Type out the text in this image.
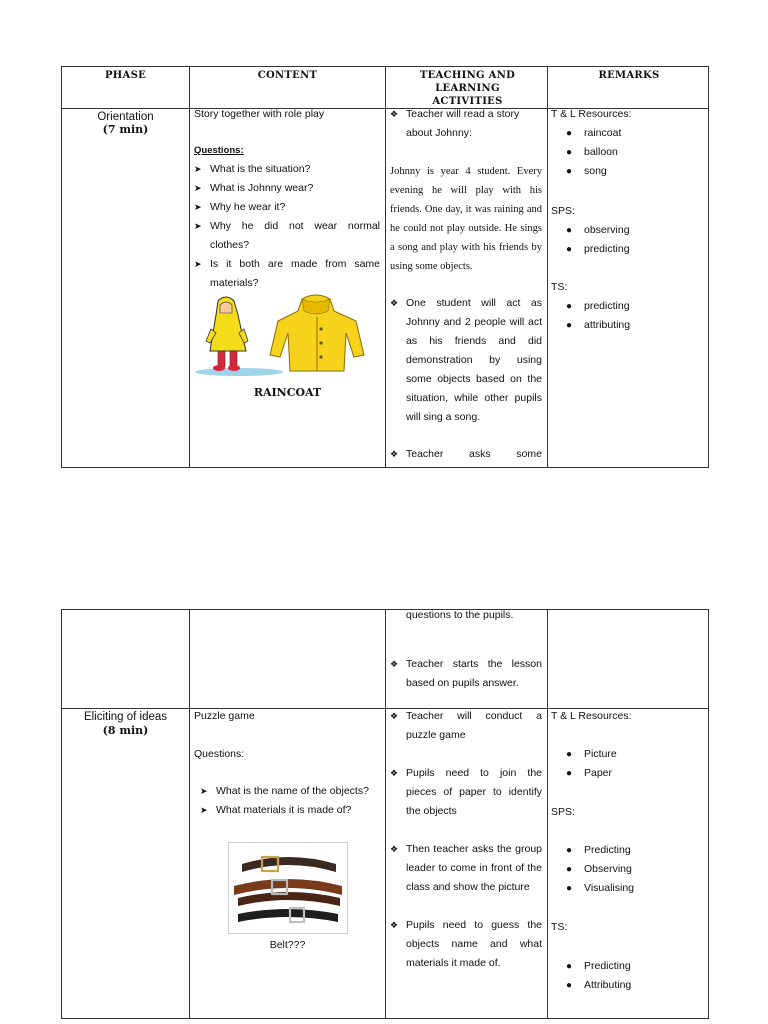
PHASE	CONTENT	TEACHING AND LEARNING ACTIVITIES
REMARKS
Orientation
(7 min)
Story together with role play
Questions:
➤ What is the situation?
➤ What is Johnny wear?
➤ Why he wear it?
➤ Why he did not wear normal clothes?
➤ Is it both are made from same materials?
RAINCOAT
❖ Teacher will read a story about Johnny:
Johnny is year 4 student. Every evening he will play with his friends. One day, it was raining and he could not play outside. He sings a song and play with his friends by using some objects.
❖ One student will act as Johnny and 2 people will act as his friends and did demonstration by using some objects based on the situation, while other pupils will sing a song.
❖ Teacher asks some
T & L Resources:
● raincoat
● balloon
● song
SPS:
● observing
● predicting
TS:
● predicting
● attributing
questions to the pupils.
❖ Teacher starts the lesson based on pupils answer.
Eliciting of ideas
(8 min)
Puzzle game
Questions:
➤ What is the name of the objects?
➤ What materials it is made of?
Belt???
❖ Teacher will conduct a puzzle game
❖ Pupils need to join the pieces of paper to identify the objects
❖ Then teacher asks the group leader to come in front of the class and show the picture
❖ Pupils need to guess the objects name and what materials it made of.
T & L Resources:
● Picture
● Paper
SPS:
● Predicting
● Observing
● Visualising
TS:
● Predicting
● Attributing
